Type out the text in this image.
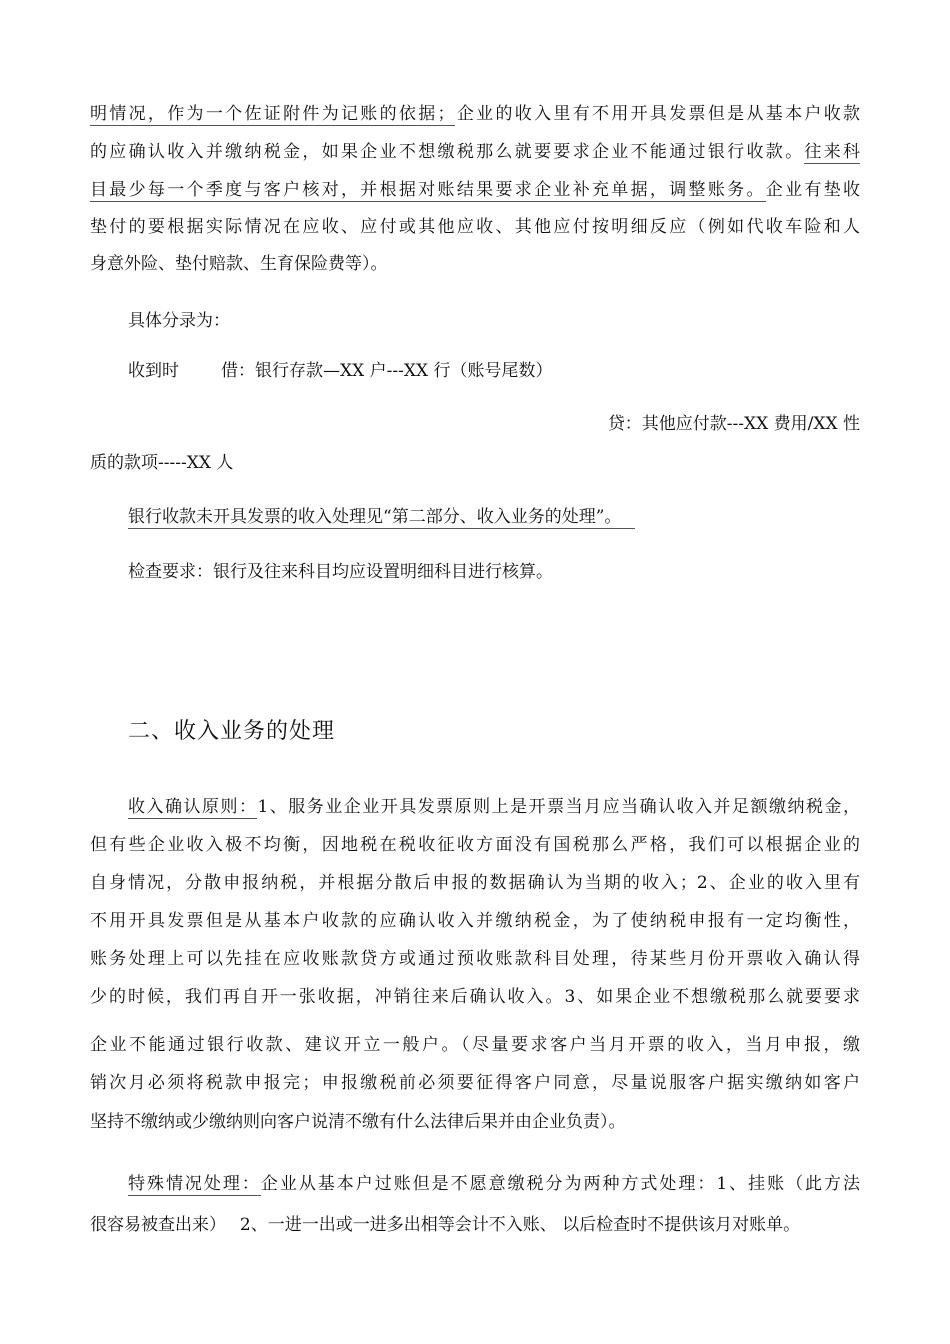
明情况，作为一个佐证附件为记账的依据；企业的收入里有不用开具发票但是从基本户收款
的应确认收入并缴纳税金，如果企业不想缴税那么就要要求企业不能通过银行收款。往来科
目最少每一个季度与客户核对，并根据对账结果要求企业补充单据，调整账务。企业有垫收
垫付的要根据实际情况在应收、应付或其他应收、其他应付按明细反应（例如代收车险和人
身意外险、垫付赔款、生育保险费等）。
具体分录为：
收到时 借：银行存款—XX 户---XX 行（账号尾数）
贷：其他应付款---XX 费用/XX 性
质的款项-----XX 人
银行收款未开具发票的收入处理见“第二部分、收入业务的处理”。
检查要求：银行及往来科目均应设置明细科目进行核算。
二、收入业务的处理
收入确认原则：1、服务业企业开具发票原则上是开票当月应当确认收入并足额缴纳税金，
但有些企业收入极不均衡，因地税在税收征收方面没有国税那么严格，我们可以根据企业的
自身情况，分散申报纳税，并根据分散后申报的数据确认为当期的收入；2、企业的收入里有
不用开具发票但是从基本户收款的应确认收入并缴纳税金，为了使纳税申报有一定均衡性，
账务处理上可以先挂在应收账款贷方或通过预收账款科目处理，待某些月份开票收入确认得
少的时候，我们再自开一张收据，冲销往来后确认收入。3、如果企业不想缴税那么就要要求
企业不能通过银行收款、建议开立一般户。（尽量要求客户当月开票的收入，当月申报，缴
销次月必须将税款申报完；申报缴税前必须要征得客户同意，尽量说服客户据实缴纳如客户
坚持不缴纳或少缴纳则向客户说清不缴有什么法律后果并由企业负责）。
特殊情况处理：企业从基本户过账但是不愿意缴税分为两种方式处理：1、挂账（此方法
很容易被查出来）　 2、一进一出或一进多出相等会计不入账、 以后检查时不提供该月对账单。
